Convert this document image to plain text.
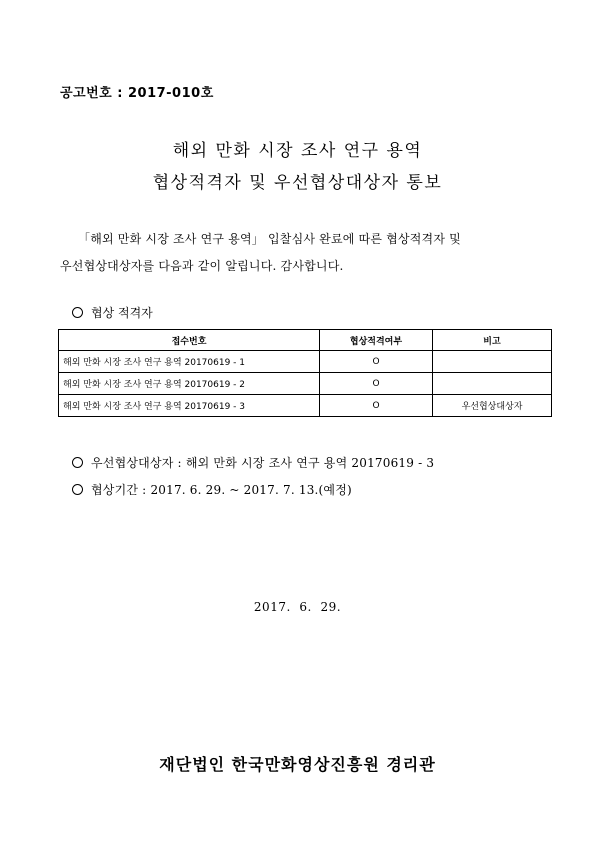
공고번호 : 2017-010호
해외 만화 시장 조사 연구 용역
협상적격자 및 우선협상대상자 통보
「해외 만화 시장 조사 연구 용역」 입찰심사 완료에 따른 협상적격자 및
우선협상대상자를 다음과 같이 알립니다. 감사합니다.
협상 적격자
접수번호	협상적격여부	비고
해외 만화 시장 조사 연구 용역 20170619 - 1	O	
해외 만화 시장 조사 연구 용역 20170619 - 2	O	
해외 만화 시장 조사 연구 용역 20170619 - 3	O	우선협상대상자
우선협상대상자 : 해외 만화 시장 조사 연구 용역 20170619 - 3
협상기간 : 2017. 6. 29. ~ 2017. 7. 13.(예정)
2017.  6.  29.
재단법인 한국만화영상진흥원 경리관
